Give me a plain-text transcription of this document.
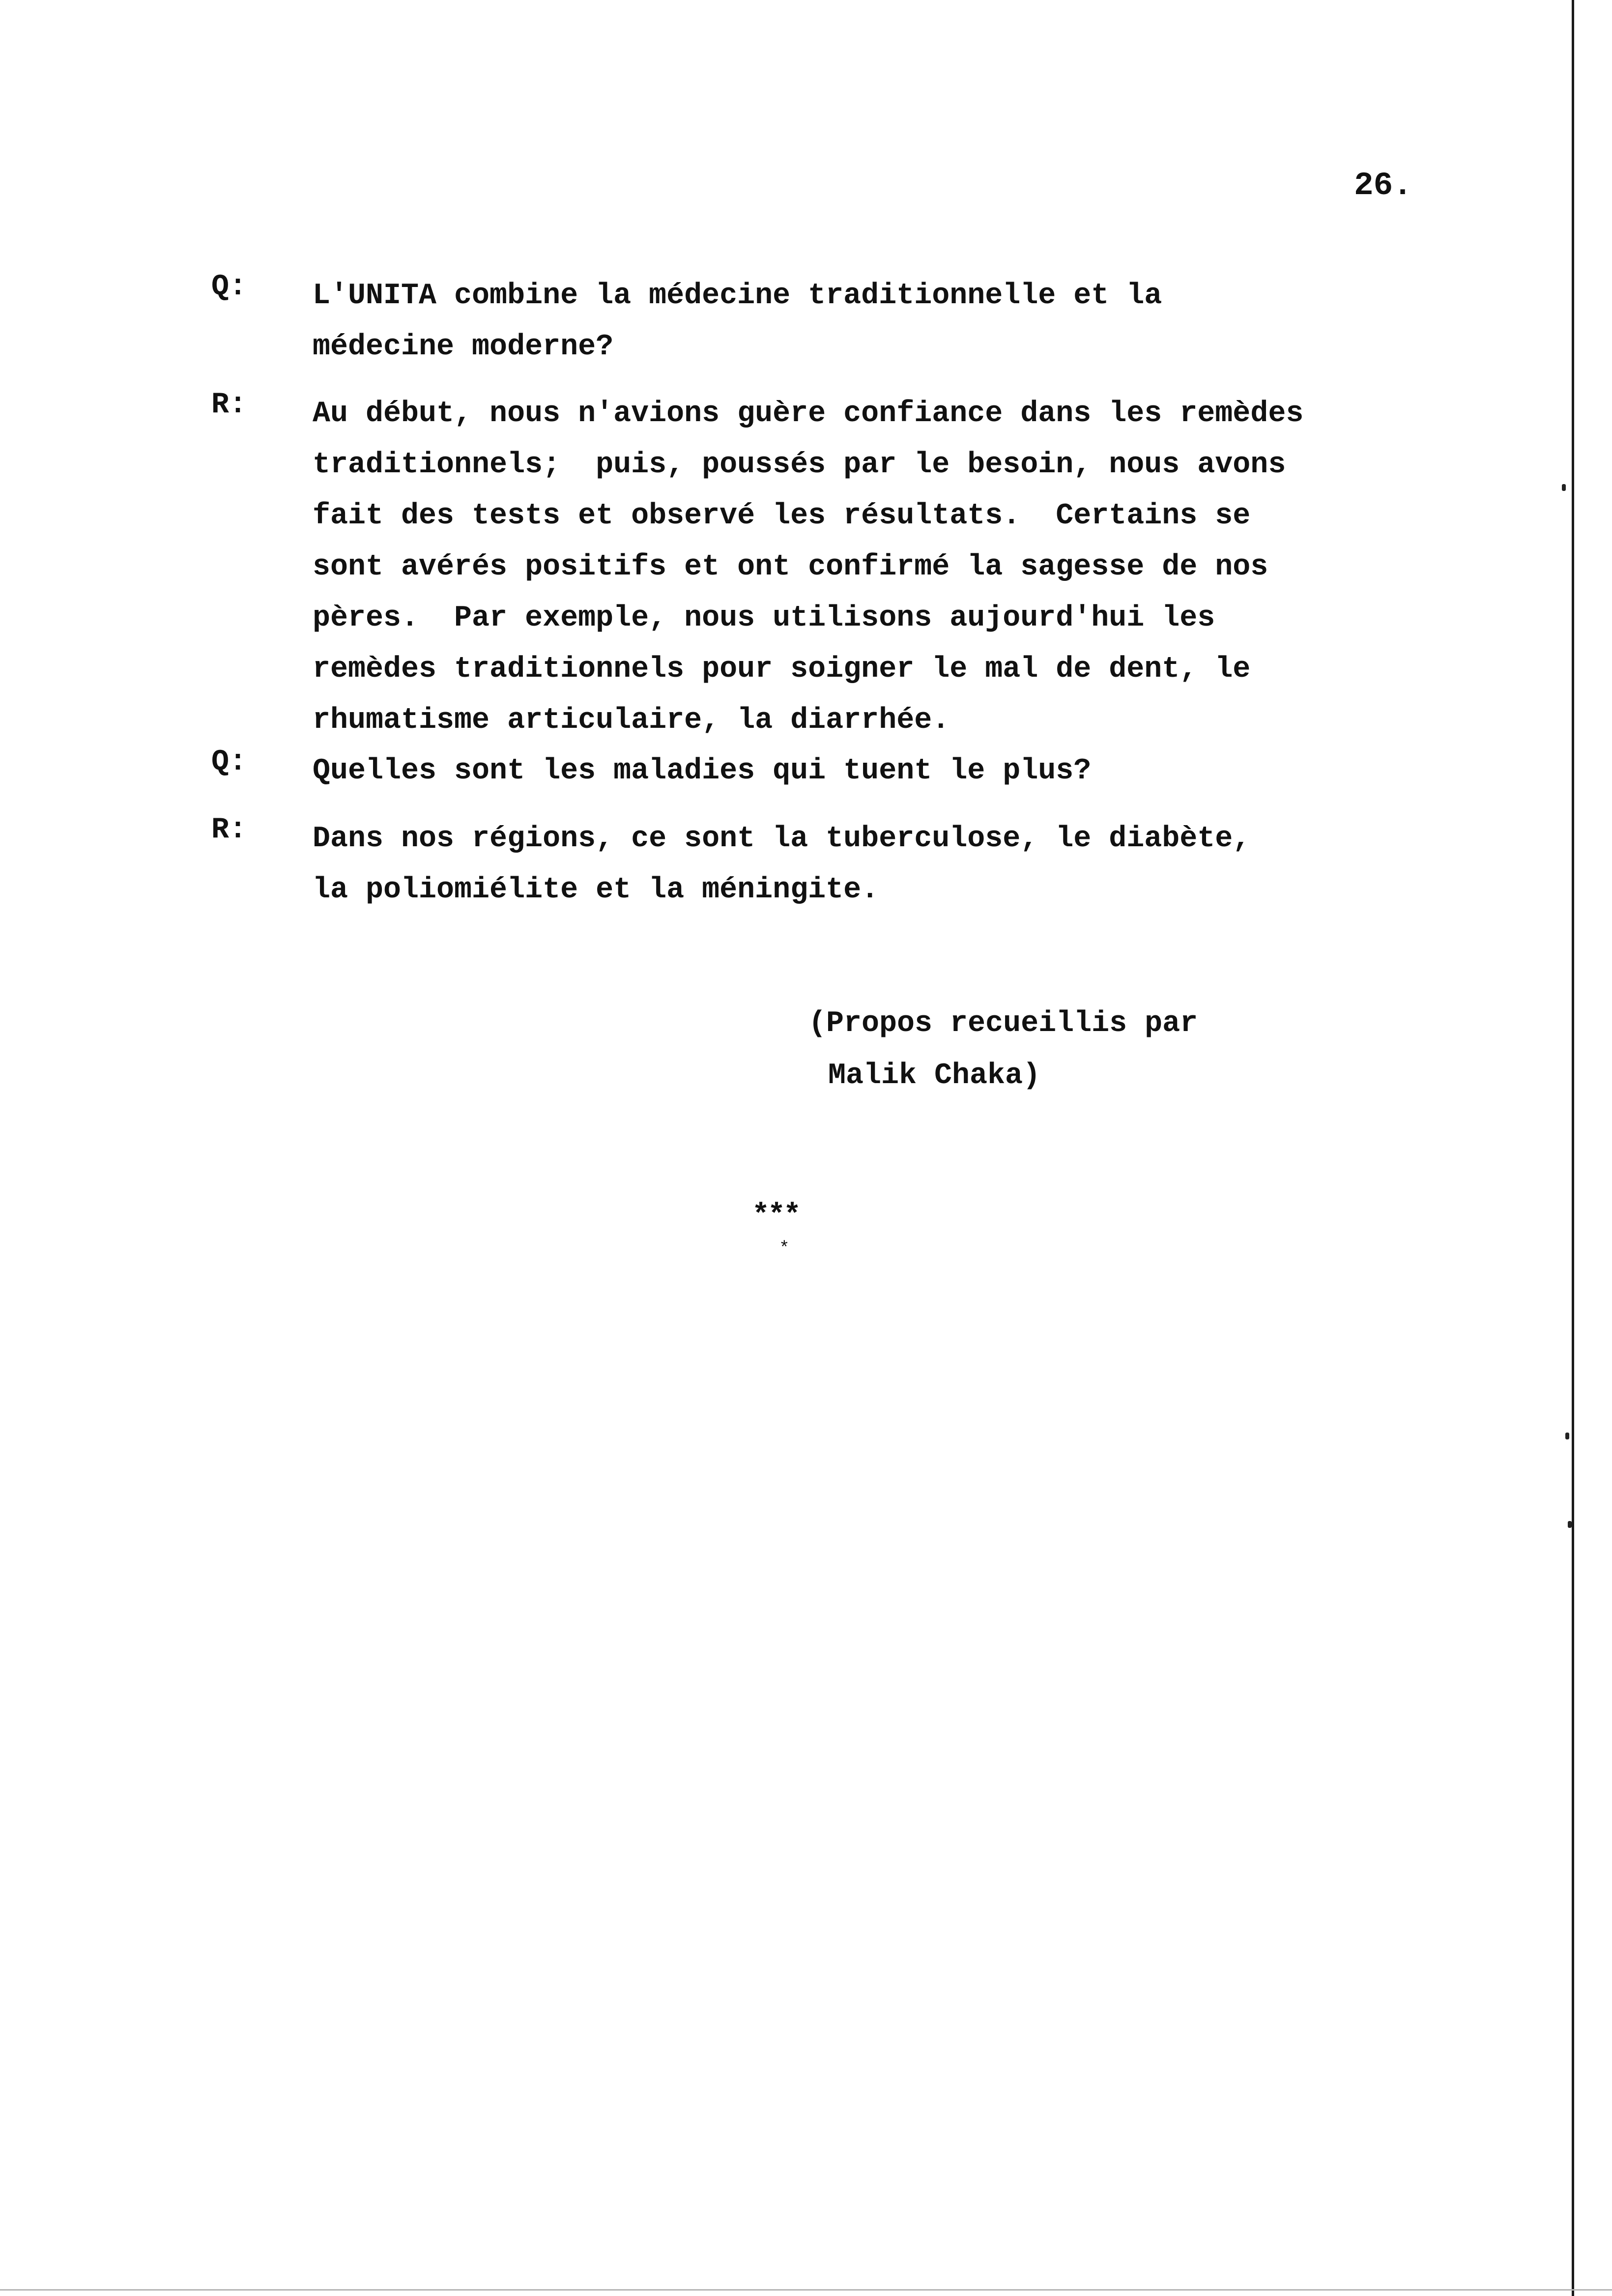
26.
Q: L'UNITA combine la médecine traditionnelle et la
médecine moderne?
R: Au début, nous n'avions guère confiance dans les remèdes
traditionnels;  puis, poussés par le besoin, nous avons
fait des tests et observé les résultats.  Certains se
sont avérés positifs et ont confirmé la sagesse de nos
pères.  Par exemple, nous utilisons aujourd'hui les
remèdes traditionnels pour soigner le mal de dent, le
rhumatisme articulaire, la diarrhée.
Q: Quelles sont les maladies qui tuent le plus?
R: Dans nos régions, ce sont la tuberculose, le diabète,
la poliomiélite et la méningite.
(Propos recueillis par
Malik Chaka)
***
*
